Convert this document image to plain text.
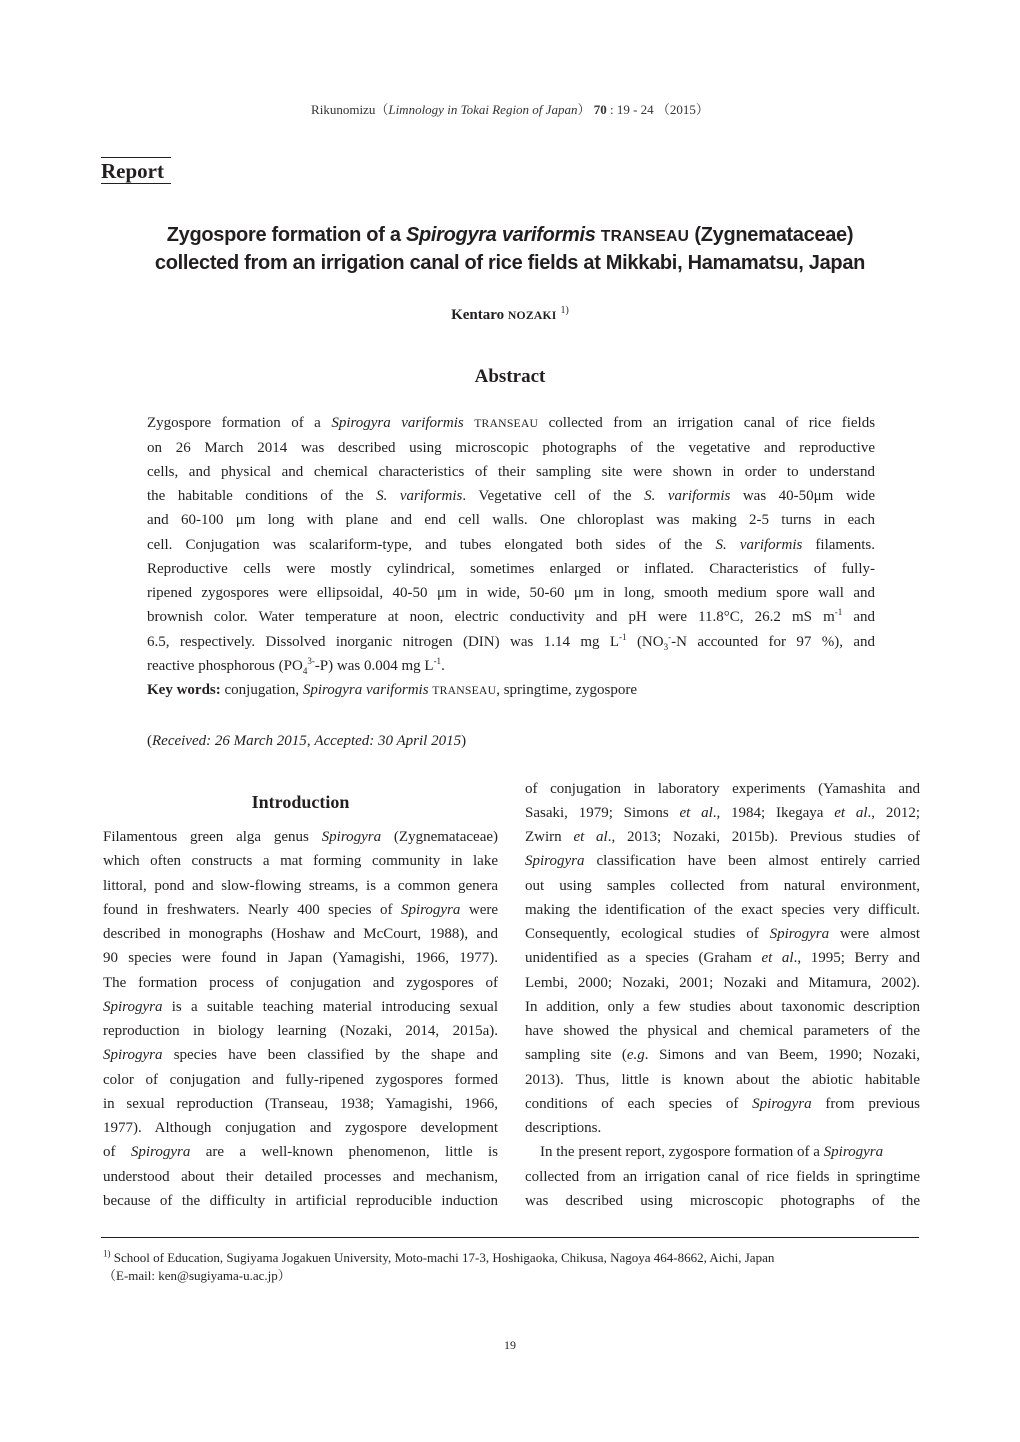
Rikunomizu（Limnology in Tokai Region of Japan） 70 : 19 - 24 （2015）
Report
Zygospore formation of a Spirogyra variformis TRANSEAU (Zygnemataceae)
collected from an irrigation canal of rice fields at Mikkabi, Hamamatsu, Japan
Kentaro NOZAKI $^{1)}$
Abstract
Zygospore formation of a Spirogyra variformis TRANSEAU collected from an irrigation canal of rice fields
on 26 March 2014 was described using microscopic photographs of the vegetative and reproductive
cells, and physical and chemical characteristics of their sampling site were shown in order to understand
the habitable conditions of the S. variformis. Vegetative cell of the S. variformis was 40-50μm wide
and 60-100 μm long with plane and end cell walls. One chloroplast was making 2-5 turns in each
cell. Conjugation was scalariform-type, and tubes elongated both sides of the S. variformis filaments.
Reproductive cells were mostly cylindrical, sometimes enlarged or inflated. Characteristics of fully-
ripened zygospores were ellipsoidal, 40-50 μm in wide, 50-60 μm in long, smooth medium spore wall and
brownish color. Water temperature at noon, electric conductivity and pH were 11.8°C, 26.2 mS $m^{-1}$ and
6.5, respectively. Dissolved inorganic nitrogen (DIN) was 1.14 mg $L^{-1}$ ($NO_3^--N$ accounted for 97 %), and
reactive phosphorous $(PO_4^{3-}-P)$ was 0.004 mg $L^{-1}$.
Key words: conjugation, Spirogyra variformis TRANSEAU, springtime, zygospore
(Received: 26 March 2015, Accepted: 30 April 2015)
Introduction
Filamentous green alga genus Spirogyra (Zygnemataceae)
which often constructs a mat forming community in lake
littoral, pond and slow-flowing streams, is a common genera
found in freshwaters. Nearly 400 species of Spirogyra were
described in monographs (Hoshaw and McCourt, 1988), and
90 species were found in Japan (Yamagishi, 1966, 1977).
The formation process of conjugation and zygospores of
Spirogyra is a suitable teaching material introducing sexual
reproduction in biology learning (Nozaki, 2014, 2015a).
Spirogyra species have been classified by the shape and
color of conjugation and fully-ripened zygospores formed
in sexual reproduction (Transeau, 1938; Yamagishi, 1966,
1977). Although conjugation and zygospore development
of Spirogyra are a well-known phenomenon, little is
understood about their detailed processes and mechanism,
because of the difficulty in artificial reproducible induction
of conjugation in laboratory experiments (Yamashita and
Sasaki, 1979; Simons et al., 1984; Ikegaya et al., 2012;
Zwirn et al., 2013; Nozaki, 2015b). Previous studies of
Spirogyra classification have been almost entirely carried
out using samples collected from natural environment,
making the identification of the exact species very difficult.
Consequently, ecological studies of Spirogyra were almost
unidentified as a species (Graham et al., 1995; Berry and
Lembi, 2000; Nozaki, 2001; Nozaki and Mitamura, 2002).
In addition, only a few studies about taxonomic description
have showed the physical and chemical parameters of the
sampling site (e.g. Simons and van Beem, 1990; Nozaki,
2013). Thus, little is known about the abiotic habitable
conditions of each species of Spirogyra from previous
descriptions.
In the present report, zygospore formation of a Spirogyra
collected from an irrigation canal of rice fields in springtime
was described using microscopic photographs of the
$^{1)}$ School of Education, Sugiyama Jogakuen University, Moto-machi 17-3, Hoshigaoka, Chikusa, Nagoya 464-8662, Aichi, Japan
（E-mail: ken@sugiyama-u.ac.jp）
19
